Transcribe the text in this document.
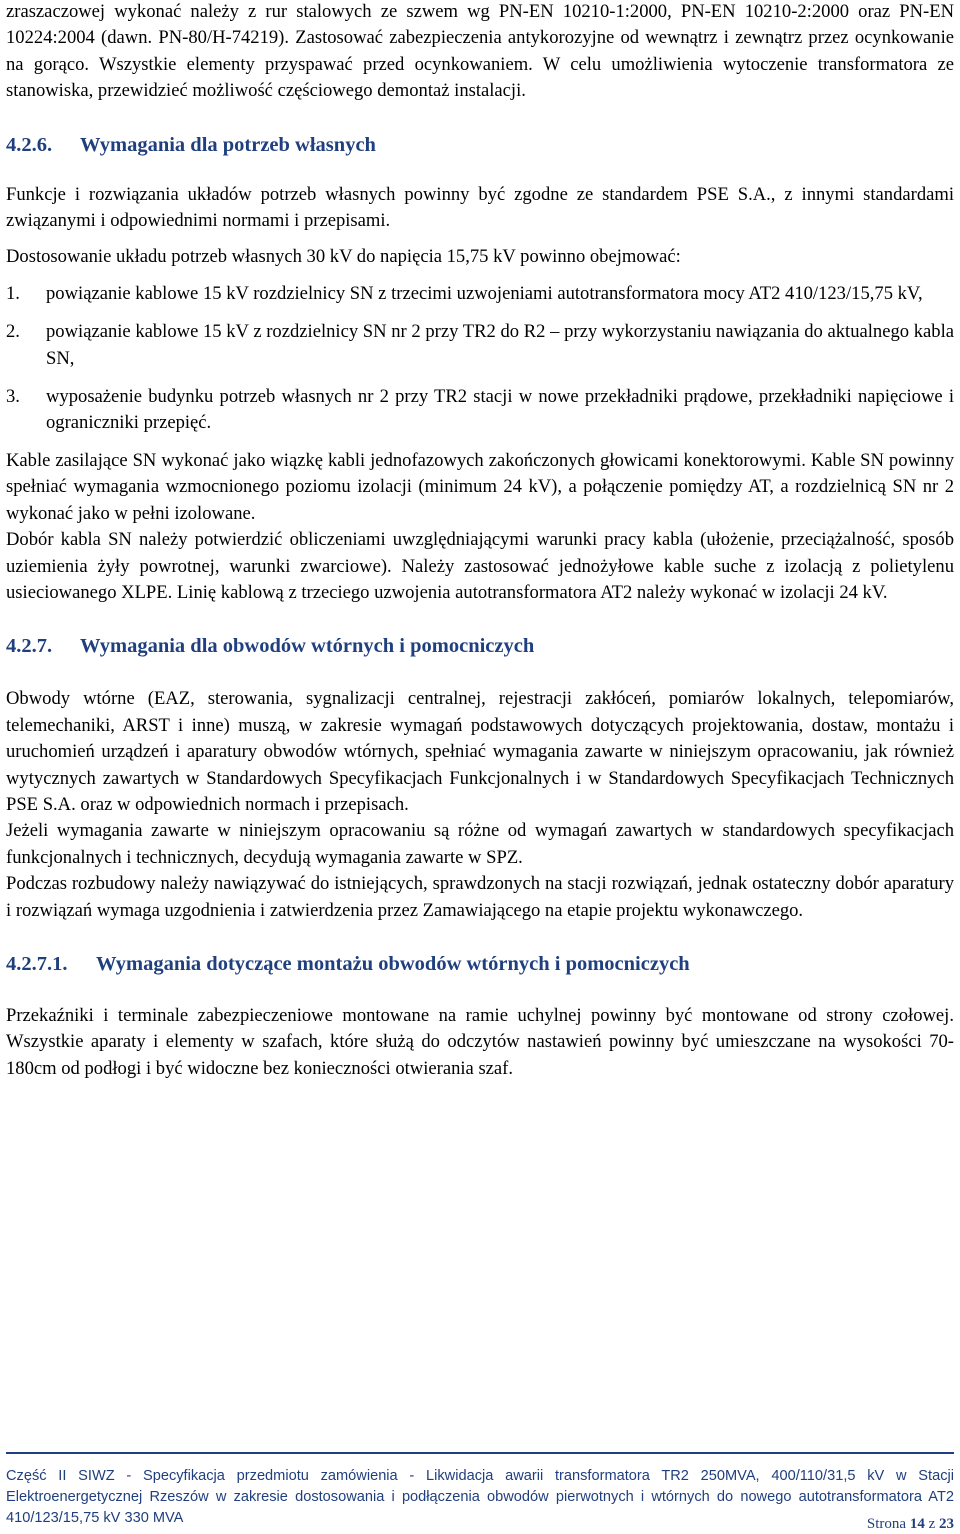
zraszaczowej wykonać należy z rur stalowych ze szwem wg PN-EN 10210-1:2000, PN-EN 10210-2:2000 oraz PN-EN 10224:2004 (dawn. PN-80/H-74219). Zastosować zabezpieczenia antykorozyjne od wewnątrz i zewnątrz przez ocynkowanie na gorąco. Wszystkie elementy przyspawać przed ocynkowaniem. W celu umożliwienia wytoczenie transformatora ze stanowiska, przewidzieć możliwość częściowego demontaż instalacji.

4.2.6.	Wymagania dla potrzeb własnych

Funkcje i rozwiązania układów potrzeb własnych powinny być zgodne ze standardem PSE S.A., z innymi standardami związanymi i odpowiednimi normami i przepisami.

Dostosowanie układu potrzeb własnych 30 kV do napięcia 15,75 kV powinno obejmować:

1.	powiązanie kablowe 15 kV rozdzielnicy SN z trzecimi uzwojeniami autotransformatora mocy AT2 410/123/15,75 kV,
2.	powiązanie kablowe 15 kV z rozdzielnicy SN nr 2 przy TR2 do R2 – przy wykorzystaniu nawiązania do aktualnego kabla SN,
3.	wyposażenie budynku potrzeb własnych nr 2 przy TR2 stacji w nowe przekładniki prądowe, przekładniki napięciowe i ograniczniki przepięć.

Kable zasilające SN wykonać jako wiązkę kabli jednofazowych zakończonych głowicami konektorowymi. Kable SN powinny spełniać wymagania wzmocnionego poziomu izolacji (minimum 24 kV), a połączenie pomiędzy AT, a rozdzielnicą SN nr 2 wykonać jako w pełni izolowane.

Dobór kabla SN należy potwierdzić obliczeniami uwzględniającymi warunki pracy kabla (ułożenie, przeciążalność, sposób uziemienia żyły powrotnej, warunki zwarciowe). Należy zastosować jednożyłowe kable suche z izolacją z polietylenu usieciowanego XLPE. Linię kablową z trzeciego uzwojenia autotransformatora AT2 należy wykonać w izolacji 24 kV.

4.2.7.	Wymagania dla obwodów wtórnych i pomocniczych

Obwody wtórne (EAZ, sterowania, sygnalizacji centralnej, rejestracji zakłóceń, pomiarów lokalnych, telepomiarów, telemechaniki, ARST i inne) muszą, w zakresie wymagań podstawowych dotyczących projektowania, dostaw, montażu i uruchomień urządzeń i aparatury obwodów wtórnych, spełniać wymagania zawarte w niniejszym opracowaniu, jak również wytycznych zawartych w Standardowych Specyfikacjach Funkcjonalnych i w Standardowych Specyfikacjach Technicznych PSE S.A. oraz w odpowiednich normach i przepisach.

Jeżeli wymagania zawarte w niniejszym opracowaniu są różne od wymagań zawartych w standardowych specyfikacjach funkcjonalnych i technicznych, decydują wymagania zawarte w SPZ.

Podczas rozbudowy należy nawiązywać do istniejących, sprawdzonych na stacji rozwiązań, jednak ostateczny dobór aparatury i rozwiązań wymaga uzgodnienia i zatwierdzenia przez Zamawiającego na etapie projektu wykonawczego.

4.2.7.1.	Wymagania dotyczące montażu obwodów wtórnych i pomocniczych

Przekaźniki i terminale zabezpieczeniowe montowane na ramie uchylnej powinny być montowane od strony czołowej. Wszystkie aparaty i elementy w szafach, które służą do odczytów nastawień powinny być umieszczane na wysokości 70-180cm od podłogi i być widoczne bez konieczności otwierania szaf.

Część II SIWZ - Specyfikacja przedmiotu zamówienia - Likwidacja awarii transformatora TR2 250MVA, 400/110/31,5 kV w Stacji Elektroenergetycznej Rzeszów w zakresie dostosowania i podłączenia obwodów pierwotnych i wtórnych do nowego autotransformatora AT2 410/123/15,75 kV 330 MVA	Strona 14 z 23
